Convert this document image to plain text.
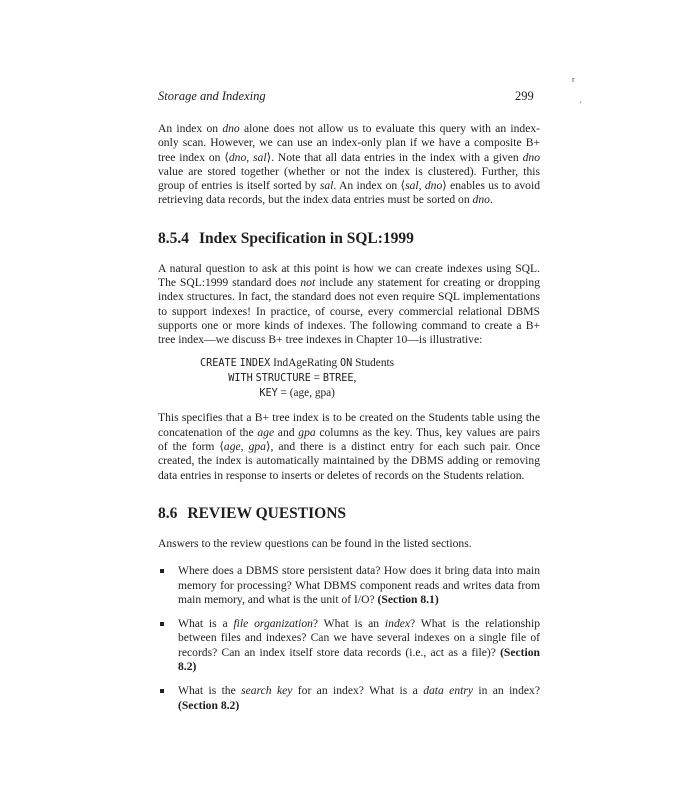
r
'
Storage and Indexing	299

An index on dno alone does not allow us to evaluate this query with an index-only scan. However, we can use an index-only plan if we have a composite B+ tree index on ⟨dno, sal⟩. Note that all data entries in the index with a given dno value are stored together (whether or not the index is clustered). Further, this group of entries is itself sorted by sal. An index on ⟨sal, dno⟩ enables us to avoid retrieving data records, but the index data entries must be sorted on dno.

8.5.4 Index Specification in SQL:1999

A natural question to ask at this point is how we can create indexes using SQL. The SQL:1999 standard does not include any statement for creating or dropping index structures. In fact, the standard does not even require SQL implementations to support indexes! In practice, of course, every commercial relational DBMS supports one or more kinds of indexes. The following command to create a B+ tree index—we discuss B+ tree indexes in Chapter 10—is illustrative:

CREATE INDEX IndAgeRating ON Students
WITH STRUCTURE = BTREE,
KEY = (age, gpa)

This specifies that a B+ tree index is to be created on the Students table using the concatenation of the age and gpa columns as the key. Thus, key values are pairs of the form ⟨age, gpa⟩, and there is a distinct entry for each such pair. Once created, the index is automatically maintained by the DBMS adding or removing data entries in response to inserts or deletes of records on the Students relation.

8.6 REVIEW QUESTIONS

Answers to the review questions can be found in the listed sections.

Where does a DBMS store persistent data? How does it bring data into main memory for processing? What DBMS component reads and writes data from main memory, and what is the unit of I/O? (Section 8.1)
What is a file organization? What is an index? What is the relationship between files and indexes? Can we have several indexes on a single file of records? Can an index itself store data records (i.e., act as a file)? (Section 8.2)
What is the search key for an index? What is a data entry in an index? (Section 8.2)
